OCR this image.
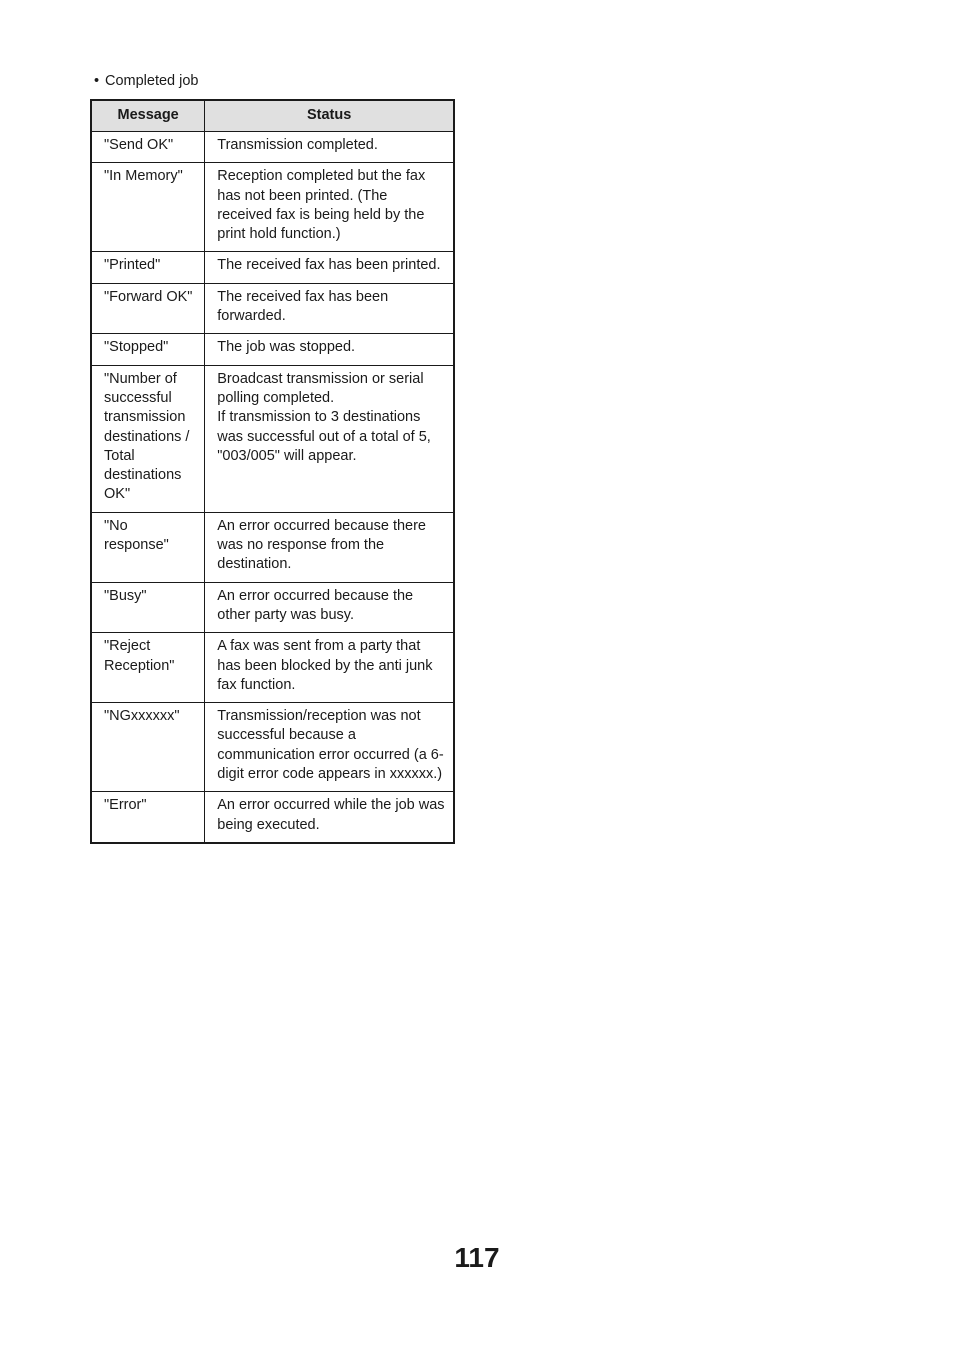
• Completed job
Message	Status
"Send OK"	Transmission completed.
"In Memory"	Reception completed but the fax has not been printed. (The received fax is being held by the print hold function.)
"Printed"	The received fax has been printed.
"Forward OK"	The received fax has been forwarded.
"Stopped"	The job was stopped.
"Number of successful transmission destinations / Total destinations OK"	Broadcast transmission or serial polling completed.
If transmission to 3 destinations was successful out of a total of 5, "003/005" will appear.
"No response"	An error occurred because there was no response from the destination.
"Busy"	An error occurred because the other party was busy.
"Reject Reception"	A fax was sent from a party that has been blocked by the anti junk fax function.
"NGxxxxxx"	Transmission/reception was not successful because a communication error occurred (a 6-digit error code appears in xxxxxx.)
"Error"	An error occurred while the job was being executed.
117
